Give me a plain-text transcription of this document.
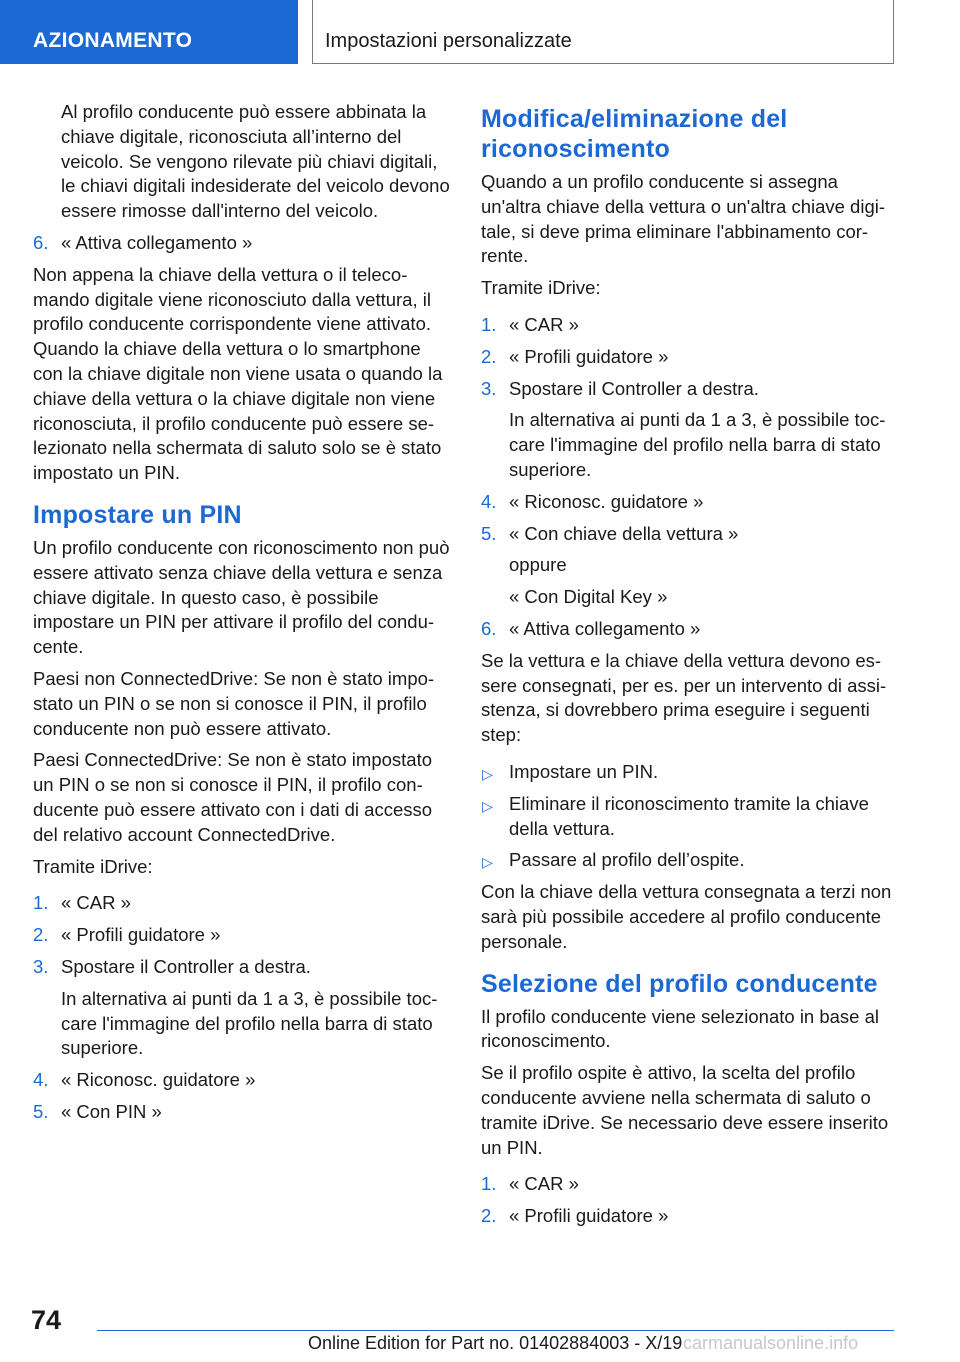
AZIONAMENTO	Impostazioni personalizzate

Al profilo conducente può essere abbinata la chiave digitale, riconosciuta all’interno del veicolo. Se vengono rilevate più chiavi digitali, le chiavi digitali indesiderate del veicolo devono essere rimosse dall'interno del veicolo.

6. « Attiva collegamento »

Non appena la chiave della vettura o il telecomando digitale viene riconosciuto dalla vettura, il profilo conducente corrispondente viene attivato. Quando la chiave della vettura o lo smartphone con la chiave digitale non viene usata o quando la chiave della vettura o la chiave digitale non viene riconosciuta, il profilo conducente può essere selezionato nella schermata di saluto solo se è stato impostato un PIN.

Impostare un PIN

Un profilo conducente con riconoscimento non può essere attivato senza chiave della vettura e senza chiave digitale. In questo caso, è possibile impostare un PIN per attivare il profilo del conducente.

Paesi non ConnectedDrive: Se non è stato impostato un PIN o se non si conosce il PIN, il profilo conducente non può essere attivato.

Paesi ConnectedDrive: Se non è stato impostato un PIN o se non si conosce il PIN, il profilo conducente può essere attivato con i dati di accesso del relativo account ConnectedDrive.

Tramite iDrive:

1. « CAR »
2. « Profili guidatore »
3. Spostare il Controller a destra.
In alternativa ai punti da 1 a 3, è possibile toccare l'immagine del profilo nella barra di stato superiore.
4. « Riconosc. guidatore »
5. « Con PIN »
Modifica/eliminazione del riconoscimento

Quando a un profilo conducente si assegna un'altra chiave della vettura o un'altra chiave digitale, si deve prima eliminare l'abbinamento corrente.

Tramite iDrive:

1. « CAR »
2. « Profili guidatore »
3. Spostare il Controller a destra.
In alternativa ai punti da 1 a 3, è possibile toccare l'immagine del profilo nella barra di stato superiore.
4. « Riconosc. guidatore »
5. « Con chiave della vettura »
oppure
« Con Digital Key »
6. « Attiva collegamento »

Se la vettura e la chiave della vettura devono essere consegnati, per es. per un intervento di assistenza, si dovrebbero prima eseguire i seguenti step:

▷ Impostare un PIN.
▷ Eliminare il riconoscimento tramite la chiave della vettura.
▷ Passare al profilo dell’ospite.

Con la chiave della vettura consegnata a terzi non sarà più possibile accedere al profilo conducente personale.

Selezione del profilo conducente

Il profilo conducente viene selezionato in base al riconoscimento.

Se il profilo ospite è attivo, la scelta del profilo conducente avviene nella schermata di saluto o tramite iDrive. Se necessario deve essere inserito un PIN.

1. « CAR »
2. « Profili guidatore »
74
Online Edition for Part no. 01402884003 - X/19 carmanualsonline.info
